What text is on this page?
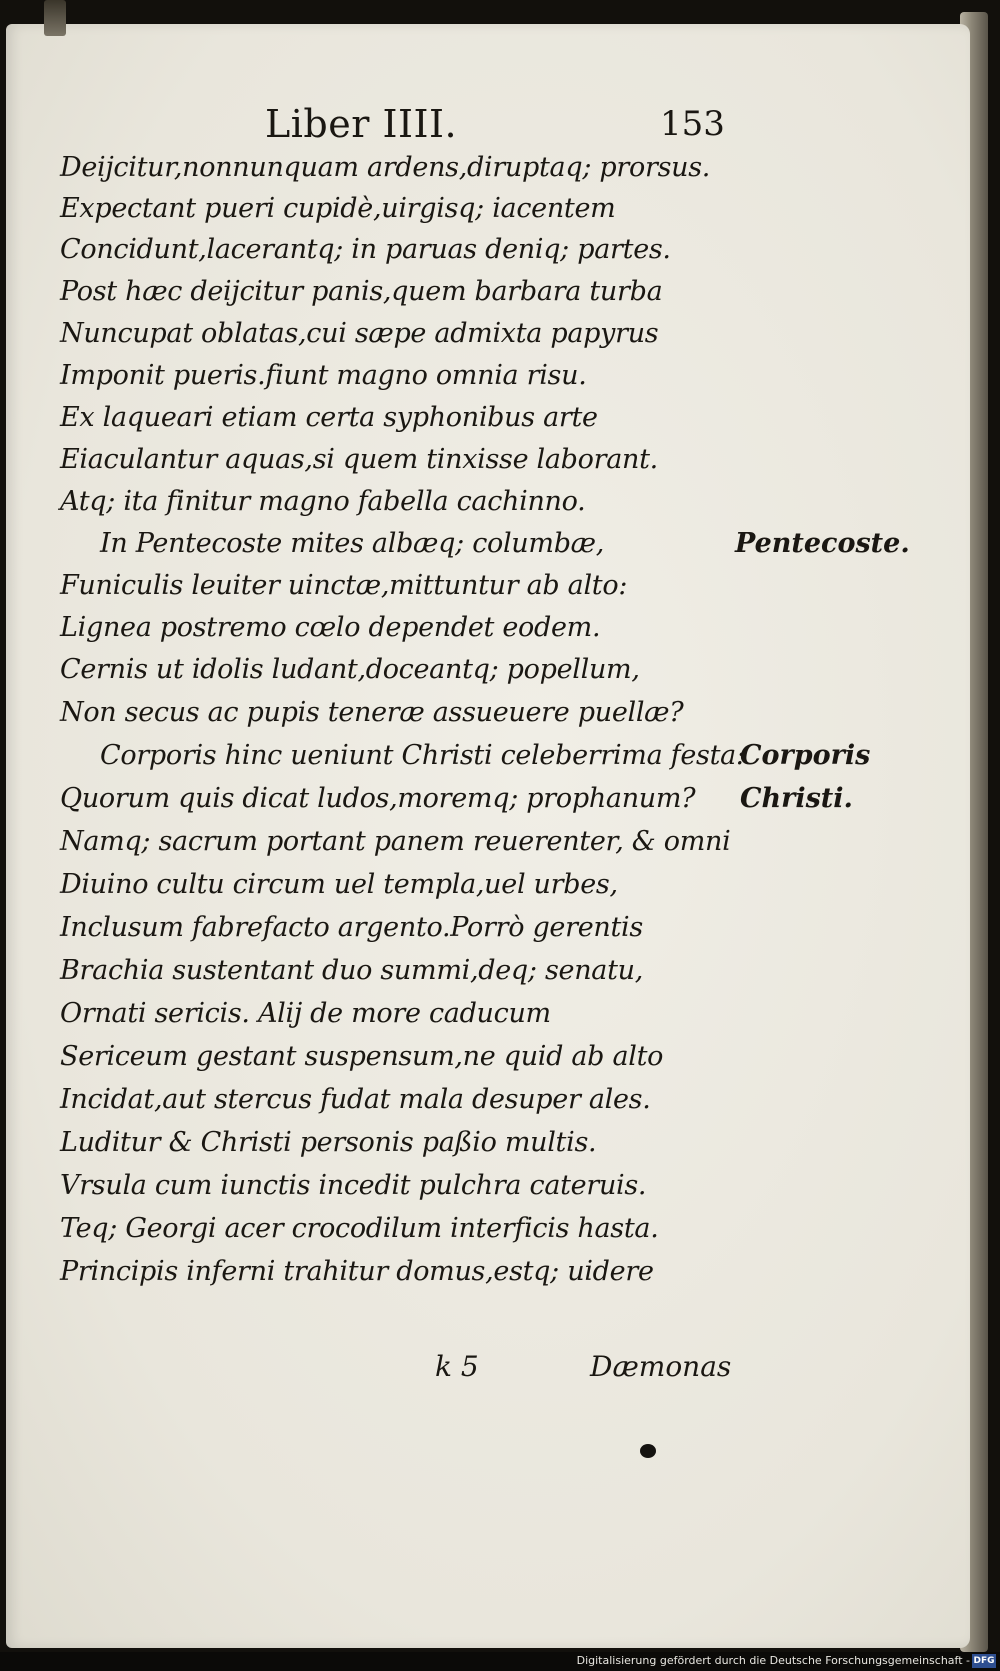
Liber IIII.	153
Deijcitur,nonnunquam ardens,diruptaq; prorsus.
Expectant pueri cupidè,uirgisq; iacentem
Concidunt,lacerantq; in paruas deniq; partes.
Post hæc deijcitur panis,quem barbara turba
Nuncupat oblatas,cui sæpe admixta papyrus
Imponit pueris.fiunt magno omnia risu.
Ex laqueari etiam certa syphonibus arte
Eiaculantur aquas,si quem tinxisse laborant.
Atq; ita finitur magno fabella cachinno.
In Pentecoste mites albæq; columbæ,
Funiculis leuiter uinctæ,mittuntur ab alto:
Lignea postremo cœlo dependet eodem.
Cernis ut idolis ludant,doceantq; popellum,
Non secus ac pupis teneræ assueuere puellæ?
Corporis hinc ueniunt Christi celeberrima festa:
Quorum quis dicat ludos,moremq; prophanum?
Namq; sacrum portant panem reuerenter, & omni
Diuino cultu circum uel templa,uel urbes,
Inclusum fabrefacto argento.Porrò gerentis
Brachia sustentant duo summi,deq; senatu,
Ornati sericis. Alij de more caducum
Sericeum gestant suspensum,ne quid ab alto
Incidat,aut stercus fudat mala desuper ales.
Luditur & Christi personis paßio multis.
Vrsula cum iunctis incedit pulchra cateruis.
Teq; Georgi acer crocodilum interficis hasta.
Principis inferni trahitur domus,estq; uidere
Pentecoste.
Corporis
Christi.
k 5	Dæmonas
Digitalisierung gefördert durch die Deutsche Forschungsgemeinschaft - DFG
